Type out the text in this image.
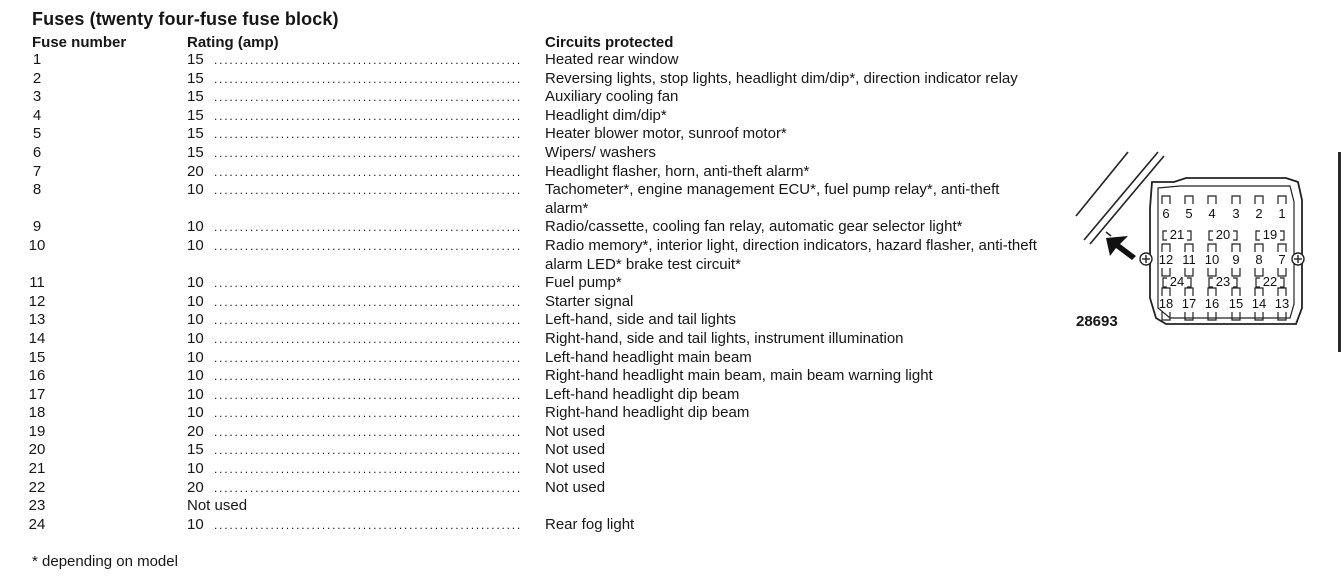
Fuses (twenty four-fuse fuse block)
Fuse number	Rating (amp)	Circuits protected
1	15 ............................................................ Heated rear window
2	15 ............................................................ Reversing lights, stop lights, headlight dim/dip*, direction indicator relay
3	15 ............................................................ Auxiliary cooling fan
4	15 ............................................................ Headlight dim/dip*
5	15 ............................................................ Heater blower motor, sunroof motor*
6	15 ............................................................ Wipers/ washers
7	20 ............................................................ Headlight flasher, horn, anti-theft alarm*
8	10 ............................................................ Tachometer*, engine management ECU*, fuel pump relay*, anti-theft alarm*
9	10 ............................................................ Radio/cassette, cooling fan relay, automatic gear selector light*
10	10 ............................................................ Radio memory*, interior light, direction indicators, hazard flasher, anti-theft alarm LED* brake test circuit*
11	10 ............................................................ Fuel pump*
12	10 ............................................................ Starter signal
13	10 ............................................................ Left-hand, side and tail lights
14	10 ............................................................ Right-hand, side and tail lights, instrument illumination
15	10 ............................................................ Left-hand headlight main beam
16	10 ............................................................ Right-hand headlight main beam, main beam warning light
17	10 ............................................................ Left-hand headlight dip beam
18	10 ............................................................ Right-hand headlight dip beam
19	20 ............................................................ Not used
20	15 ............................................................ Not used
21	10 ............................................................ Not used
22	20 ............................................................ Not used
23	Not used

24	10 ............................................................ Rear fog light
* depending on model
6 5 4 3 2 1
21 20	19
12 11 10 9 8 7
24 23	22
18 17 16 15 14 13
28693
